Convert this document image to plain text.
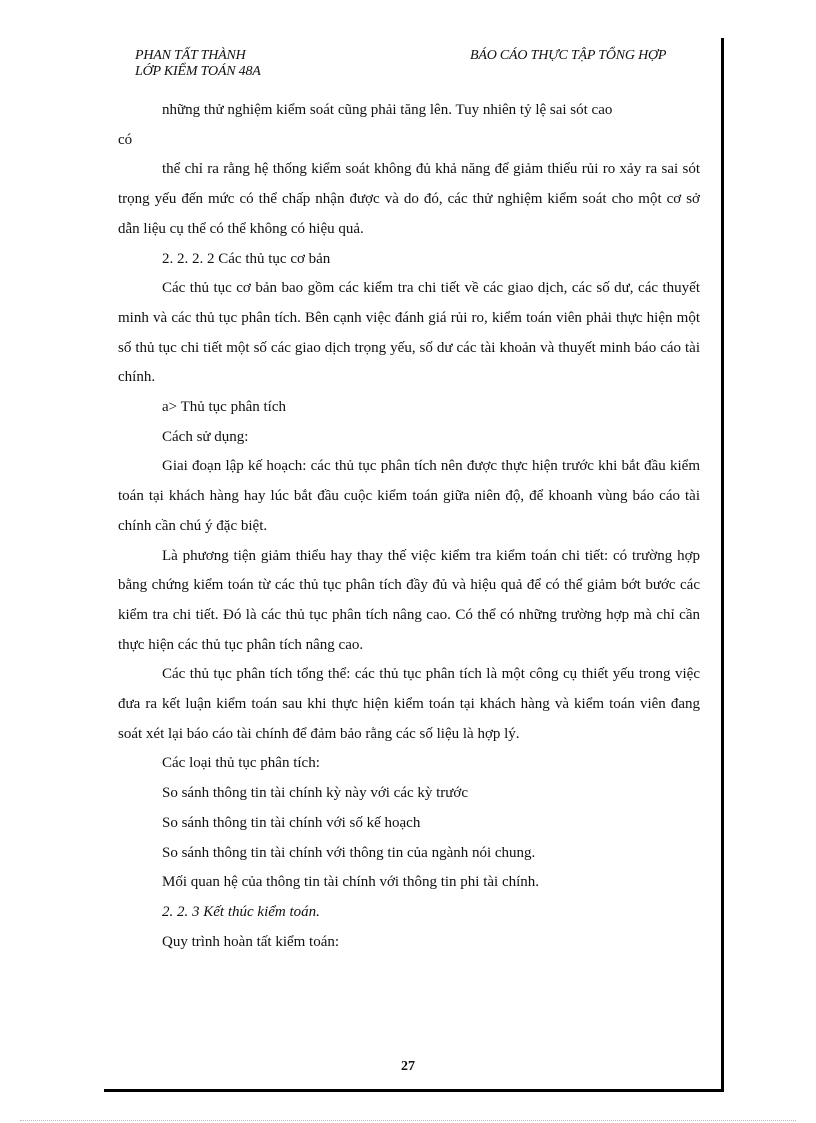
PHAN TẤT THÀNH
LỚP KIỂM TOÁN 48A
BÁO CÁO THỰC TẬP TỔNG HỢP

những thử nghiệm kiểm soát cũng phải tăng lên. Tuy nhiên tỷ lệ sai sót cao

có

thể chỉ ra rằng hệ thống kiểm soát không đủ khả năng để giảm thiểu rủi ro xảy ra sai sót trọng yếu đến mức có thể chấp nhận được và do đó, các thử nghiệm kiểm soát cho một cơ sở dẫn liệu cụ thể có thể không có hiệu quả.

2. 2. 2. 2 Các thủ tục cơ bản

Các thủ tục cơ bản bao gồm các kiểm tra chi tiết về các giao dịch, các số dư, các thuyết minh và các thủ tục phân tích. Bên cạnh việc đánh giá rủi ro, kiểm toán viên phải thực hiện một số thủ tục chi tiết một số các giao dịch trọng yếu, số dư các tài khoản và thuyết minh báo cáo tài chính.

a> Thủ tục phân tích

Cách sử dụng:

Giai đoạn lập kế hoạch: các thủ tục phân tích nên được thực hiện trước khi bắt đầu kiểm toán tại khách hàng hay lúc bắt đầu cuộc kiểm toán giữa niên độ, để khoanh vùng báo cáo tài chính cần chú ý đặc biệt.

Là phương tiện giảm thiểu hay thay thế việc kiểm tra kiểm toán chi tiết: có trường hợp bằng chứng kiểm toán từ các thủ tục phân tích đầy đủ và hiệu quả để có thể giảm bớt bước các kiểm tra chi tiết. Đó là các thủ tục phân tích nâng cao. Có thể có những trường hợp mà chỉ cần thực hiện các thủ tục phân tích nâng cao.

Các thủ tục phân tích tổng thể: các thủ tục phân tích là một công cụ thiết yếu trong việc đưa ra kết luận kiểm toán sau khi thực hiện kiểm toán tại khách hàng và kiểm toán viên đang soát xét lại báo cáo tài chính để đảm bảo rằng các số liệu là hợp lý.

Các loại thủ tục phân tích:

So sánh thông tin tài chính kỳ này với các kỳ trước

So sánh thông tin tài chính với số kế hoạch

So sánh thông tin tài chính với thông tin của ngành nói chung.

Mối quan hệ của thông tin tài chính với thông tin phi tài chính.

2. 2. 3 Kết thúc kiểm toán.

Quy trình hoàn tất kiểm toán:

27
